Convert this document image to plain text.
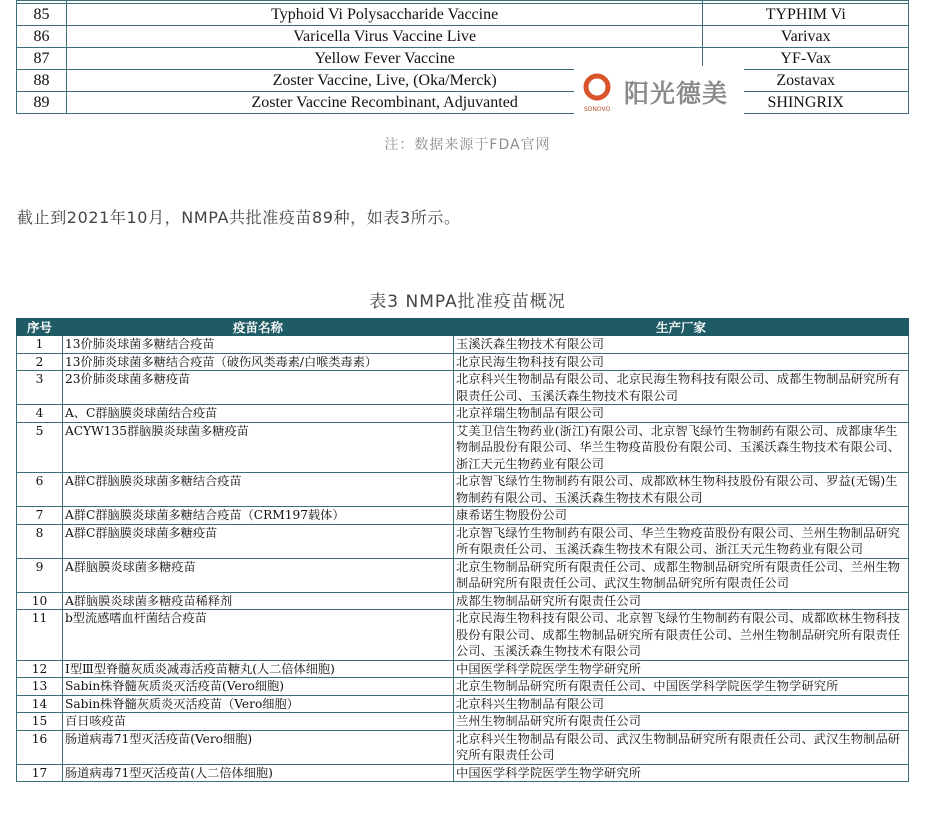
85	Typhoid Vi Polysaccharide Vaccine	TYPHIM Vi
86	Varicella Virus Vaccine Live	Varivax
87	Yellow Fever Vaccine	YF-Vax
88	Zoster Vaccine, Live, (Oka/Merck)	Zostavax
89	Zoster Vaccine Recombinant, Adjuvanted	SHINGRIX
SONOVO
阳光德美
注：数据来源于FDA官网
截止到2021年10月，NMPA共批准疫苗89种，如表3所示。
表3 NMPA批准疫苗概况
序号	疫苗名称	生产厂家
1	13价肺炎球菌多糖结合疫苗	玉溪沃森生物技术有限公司
2	13价肺炎球菌多糖结合疫苗（破伤风类毒素/白喉类毒素）	北京民海生物科技有限公司
3	23价肺炎球菌多糖疫苗	北京科兴生物制品有限公司、北京民海生物科技有限公司、成都生物制品研究所有限责任公司、玉溪沃森生物技术有限公司
4	A、C群脑膜炎球菌结合疫苗	北京祥瑞生物制品有限公司
5	ACYW135群脑膜炎球菌多糖疫苗	艾美卫信生物药业(浙江)有限公司、北京智飞绿竹生物制药有限公司、成都康华生物制品股份有限公司、华兰生物疫苗股份有限公司、玉溪沃森生物技术有限公司、浙江天元生物药业有限公司
6	A群C群脑膜炎球菌多糖结合疫苗	北京智飞绿竹生物制药有限公司、成都欧林生物科技股份有限公司、罗益(无锡)生物制药有限公司、玉溪沃森生物技术有限公司
7	A群C群脑膜炎球菌多糖结合疫苗（CRM197载体）	康希诺生物股份公司
8	A群C群脑膜炎球菌多糖疫苗	北京智飞绿竹生物制药有限公司、华兰生物疫苗股份有限公司、兰州生物制品研究所有限责任公司、玉溪沃森生物技术有限公司、浙江天元生物药业有限公司
9	A群脑膜炎球菌多糖疫苗	北京生物制品研究所有限责任公司、成都生物制品研究所有限责任公司、兰州生物制品研究所有限责任公司、武汉生物制品研究所有限责任公司
10	A群脑膜炎球菌多糖疫苗稀释剂	成都生物制品研究所有限责任公司
11	b型流感嗜血杆菌结合疫苗	北京民海生物科技有限公司、北京智飞绿竹生物制药有限公司、成都欧林生物科技股份有限公司、成都生物制品研究所有限责任公司、兰州生物制品研究所有限责任公司、玉溪沃森生物技术有限公司
12	Ⅰ型Ⅲ型脊髓灰质炎减毒活疫苗糖丸(人二倍体细胞)	中国医学科学院医学生物学研究所
13	Sabin株脊髓灰质炎灭活疫苗(Vero细胞)	北京生物制品研究所有限责任公司、中国医学科学院医学生物学研究所
14	Sabin株脊髓灰质炎灭活疫苗（Vero细胞）	北京科兴生物制品有限公司
15	百日咳疫苗	兰州生物制品研究所有限责任公司
16	肠道病毒71型灭活疫苗(Vero细胞)	北京科兴生物制品有限公司、武汉生物制品研究所有限责任公司、武汉生物制品研究所有限责任公司
17	肠道病毒71型灭活疫苗(人二倍体细胞)	中国医学科学院医学生物学研究所
